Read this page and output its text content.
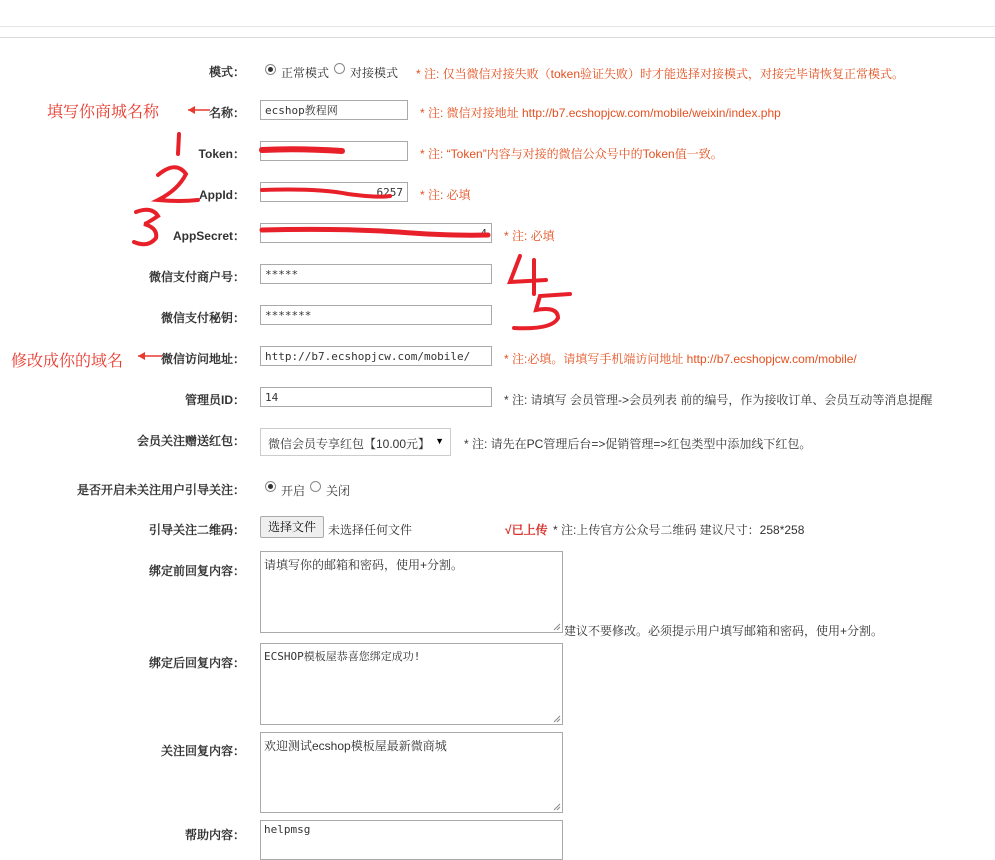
模式：	正常模式 对接模式 * 注: 仅当微信对接失败（token验证失败）时才能选择对接模式，对接完毕请恢复正常模式。
名称：
ecshop教程网	* 注: 微信对接地址 http://b7.ecshopjcw.com/mobile/weixin/index.php
Token：	* 注: “Token”内容与对接的微信公众号中的Token值一致。
AppId：
6257	* 注: 必填
AppSecret：
4	* 注: 必填
微信支付商户号：
*****
微信支付秘钥：
*******
微信访问地址：
http://b7.ecshopjcw.com/mobile/	* 注:必填。请填写手机端访问地址 http://b7.ecshopjcw.com/mobile/
管理员ID：
14	* 注: 请填写 会员管理->会员列表 前的编号，作为接收订单、会员互动等消息提醒
会员关注赠送红包：	微信会员专享红包【10.00元】 ▼ * 注: 请先在PC管理后台=>促销管理=>红包类型中添加线下红包。
是否开启未关注用户引导关注：	开启 关闭
引导关注二维码：	选择文件	未选择任何文件	√已上传 * 注:上传官方公众号二维码 建议尺寸：258*258
绑定前回复内容：	请填写你的邮箱和密码，使用+分割。
建议不要修改。必须提示用户填写邮箱和密码，使用+分割。
绑定后回复内容：	ECSHOP模板屋恭喜您绑定成功!
关注回复内容：	欢迎测试ecshop模板屋最新微商城
帮助内容：	helpmsg
填写你商城名称
修改成你的域名
